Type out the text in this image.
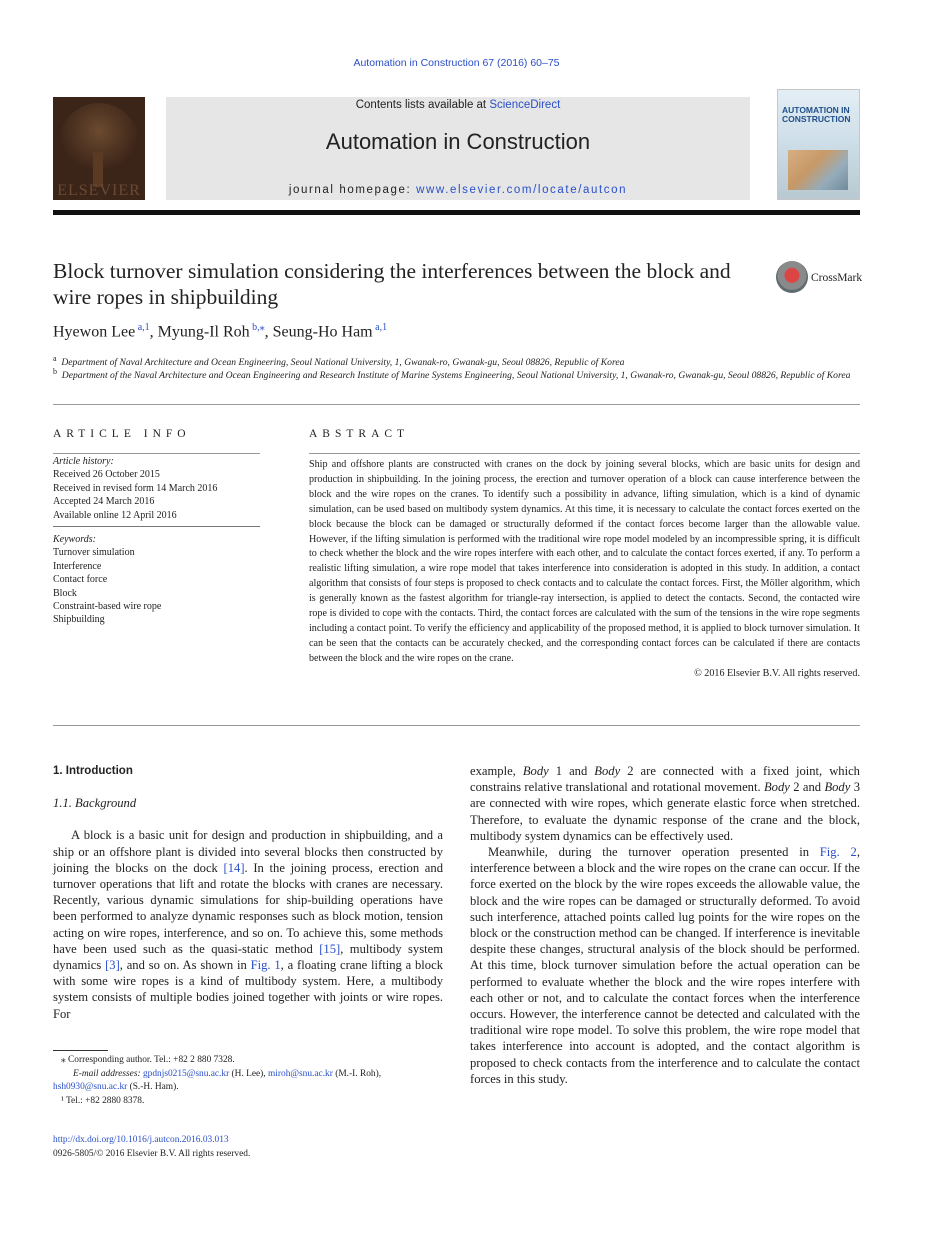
Automation in Construction 67 (2016) 60–75
ELSEVIER
Contents lists available at ScienceDirect
Automation in Construction
journal homepage: www.elsevier.com/locate/autcon
AUTOMATION IN CONSTRUCTION
Block turnover simulation considering the interferences between the block and wire ropes in shipbuilding
CrossMark
Hyewon Lee $^{a,1}$, Myung-Il Roh $^{b,⁎}$, Seung-Ho Ham $^{a,1}$
$^a$ Department of Naval Architecture and Ocean Engineering, Seoul National University, 1, Gwanak-ro, Gwanak-gu, Seoul 08826, Republic of Korea
$^b$ Department of the Naval Architecture and Ocean Engineering and Research Institute of Marine Systems Engineering, Seoul National University, 1, Gwanak-ro, Gwanak-gu, Seoul 08826, Republic of Korea
ARTICLE INFO
Article history:
Received 26 October 2015
Received in revised form 14 March 2016
Accepted 24 March 2016
Available online 12 April 2016
Keywords:
Turnover simulation
Interference
Contact force
Block
Constraint-based wire rope
Shipbuilding
ABSTRACT
Ship and offshore plants are constructed with cranes on the dock by joining several blocks, which are basic units for design and production in shipbuilding. In the joining process, the erection and turnover operation of a block can cause interference between the block and the wire ropes on the cranes. To identify such a possibility in advance, lifting simulation, which is a kind of dynamic simulation, can be used based on multibody system dynamics. At this time, it is necessary to calculate the contact forces exerted on the block because the block can be damaged or structurally deformed if the contact forces become larger than the allowable value. However, if the lifting simulation is performed with the traditional wire rope model modeled by an incompressible spring, it is difficult to check whether the block and the wire ropes interfere with each other, and to calculate the contact forces exerted, if any. To perform a realistic lifting simulation, a wire rope model that takes interference into consideration is adopted in this study. In addition, a contact algorithm that consists of four steps is proposed to check contacts and to calculate the contact forces. First, the Möller algorithm, which is generally known as the fastest algorithm for triangle-ray intersection, is applied to detect the contacts. Second, the contacted wire rope is divided to cope with the contacts. Third, the contact forces are calculated with the sum of the tensions in the wire rope segments including a contact point. To verify the efficiency and applicability of the proposed method, it is applied to block turnover simulation. It can be seen that the contacts can be accurately checked, and the corresponding contact forces can be calculated if there are contacts between the block and the wire ropes on the crane.
© 2016 Elsevier B.V. All rights reserved.

1. Introduction

1.1. Background

A block is a basic unit for design and production in shipbuilding, and a ship or an offshore plant is divided into several blocks then constructed by joining the blocks on the dock [14]. In the joining process, erection and turnover operations that lift and rotate the blocks with cranes are necessary. Recently, various dynamic simulations for ship-building operations have been performed to analyze dynamic responses such as block motion, tension acting on wire ropes, interference, and so on. To achieve this, some methods have been used such as the quasi-static method [15], multibody system dynamics [3], and so on. As shown in Fig. 1, a floating crane lifting a block with some wire ropes is a kind of multibody system. Here, a multibody system consists of multiple bodies joined together with joints or wire ropes. For

⁎ Corresponding author. Tel.: +82 2 880 7328.
E-mail addresses: gpdnjs0215@snu.ac.kr (H. Lee), miroh@snu.ac.kr (M.-I. Roh),
hsh0930@snu.ac.kr (S.-H. Ham).
¹ Tel.: +82 2880 8378.
http://dx.doi.org/10.1016/j.autcon.2016.03.013
0926-5805/© 2016 Elsevier B.V. All rights reserved.

example, Body 1 and Body 2 are connected with a fixed joint, which constrains relative translational and rotational movement. Body 2 and Body 3 are connected with wire ropes, which generate elastic force when stretched. Therefore, to evaluate the dynamic response of the crane and the block, multibody system dynamics can be effectively used.

Meanwhile, during the turnover operation presented in Fig. 2, interference between a block and the wire ropes on the crane can occur. If the force exerted on the block by the wire ropes exceeds the allowable value, the block and the wire ropes can be damaged or structurally deformed. To avoid such interference, attached points called lug points for the wire ropes on the block or the construction method can be changed. If interference is inevitable despite these changes, structural analysis of the block should be performed. At this time, block turnover simulation before the actual operation can be performed to evaluate whether the block and the wire ropes interfere with each other or not, and to calculate the contact forces when the interference occurs. However, the interference cannot be detected and calculated with the traditional wire rope model. To solve this problem, the wire rope model that takes interference into account is adopted, and the contact algorithm is proposed to check contacts from the interference and to calculate the contact forces in this study.
